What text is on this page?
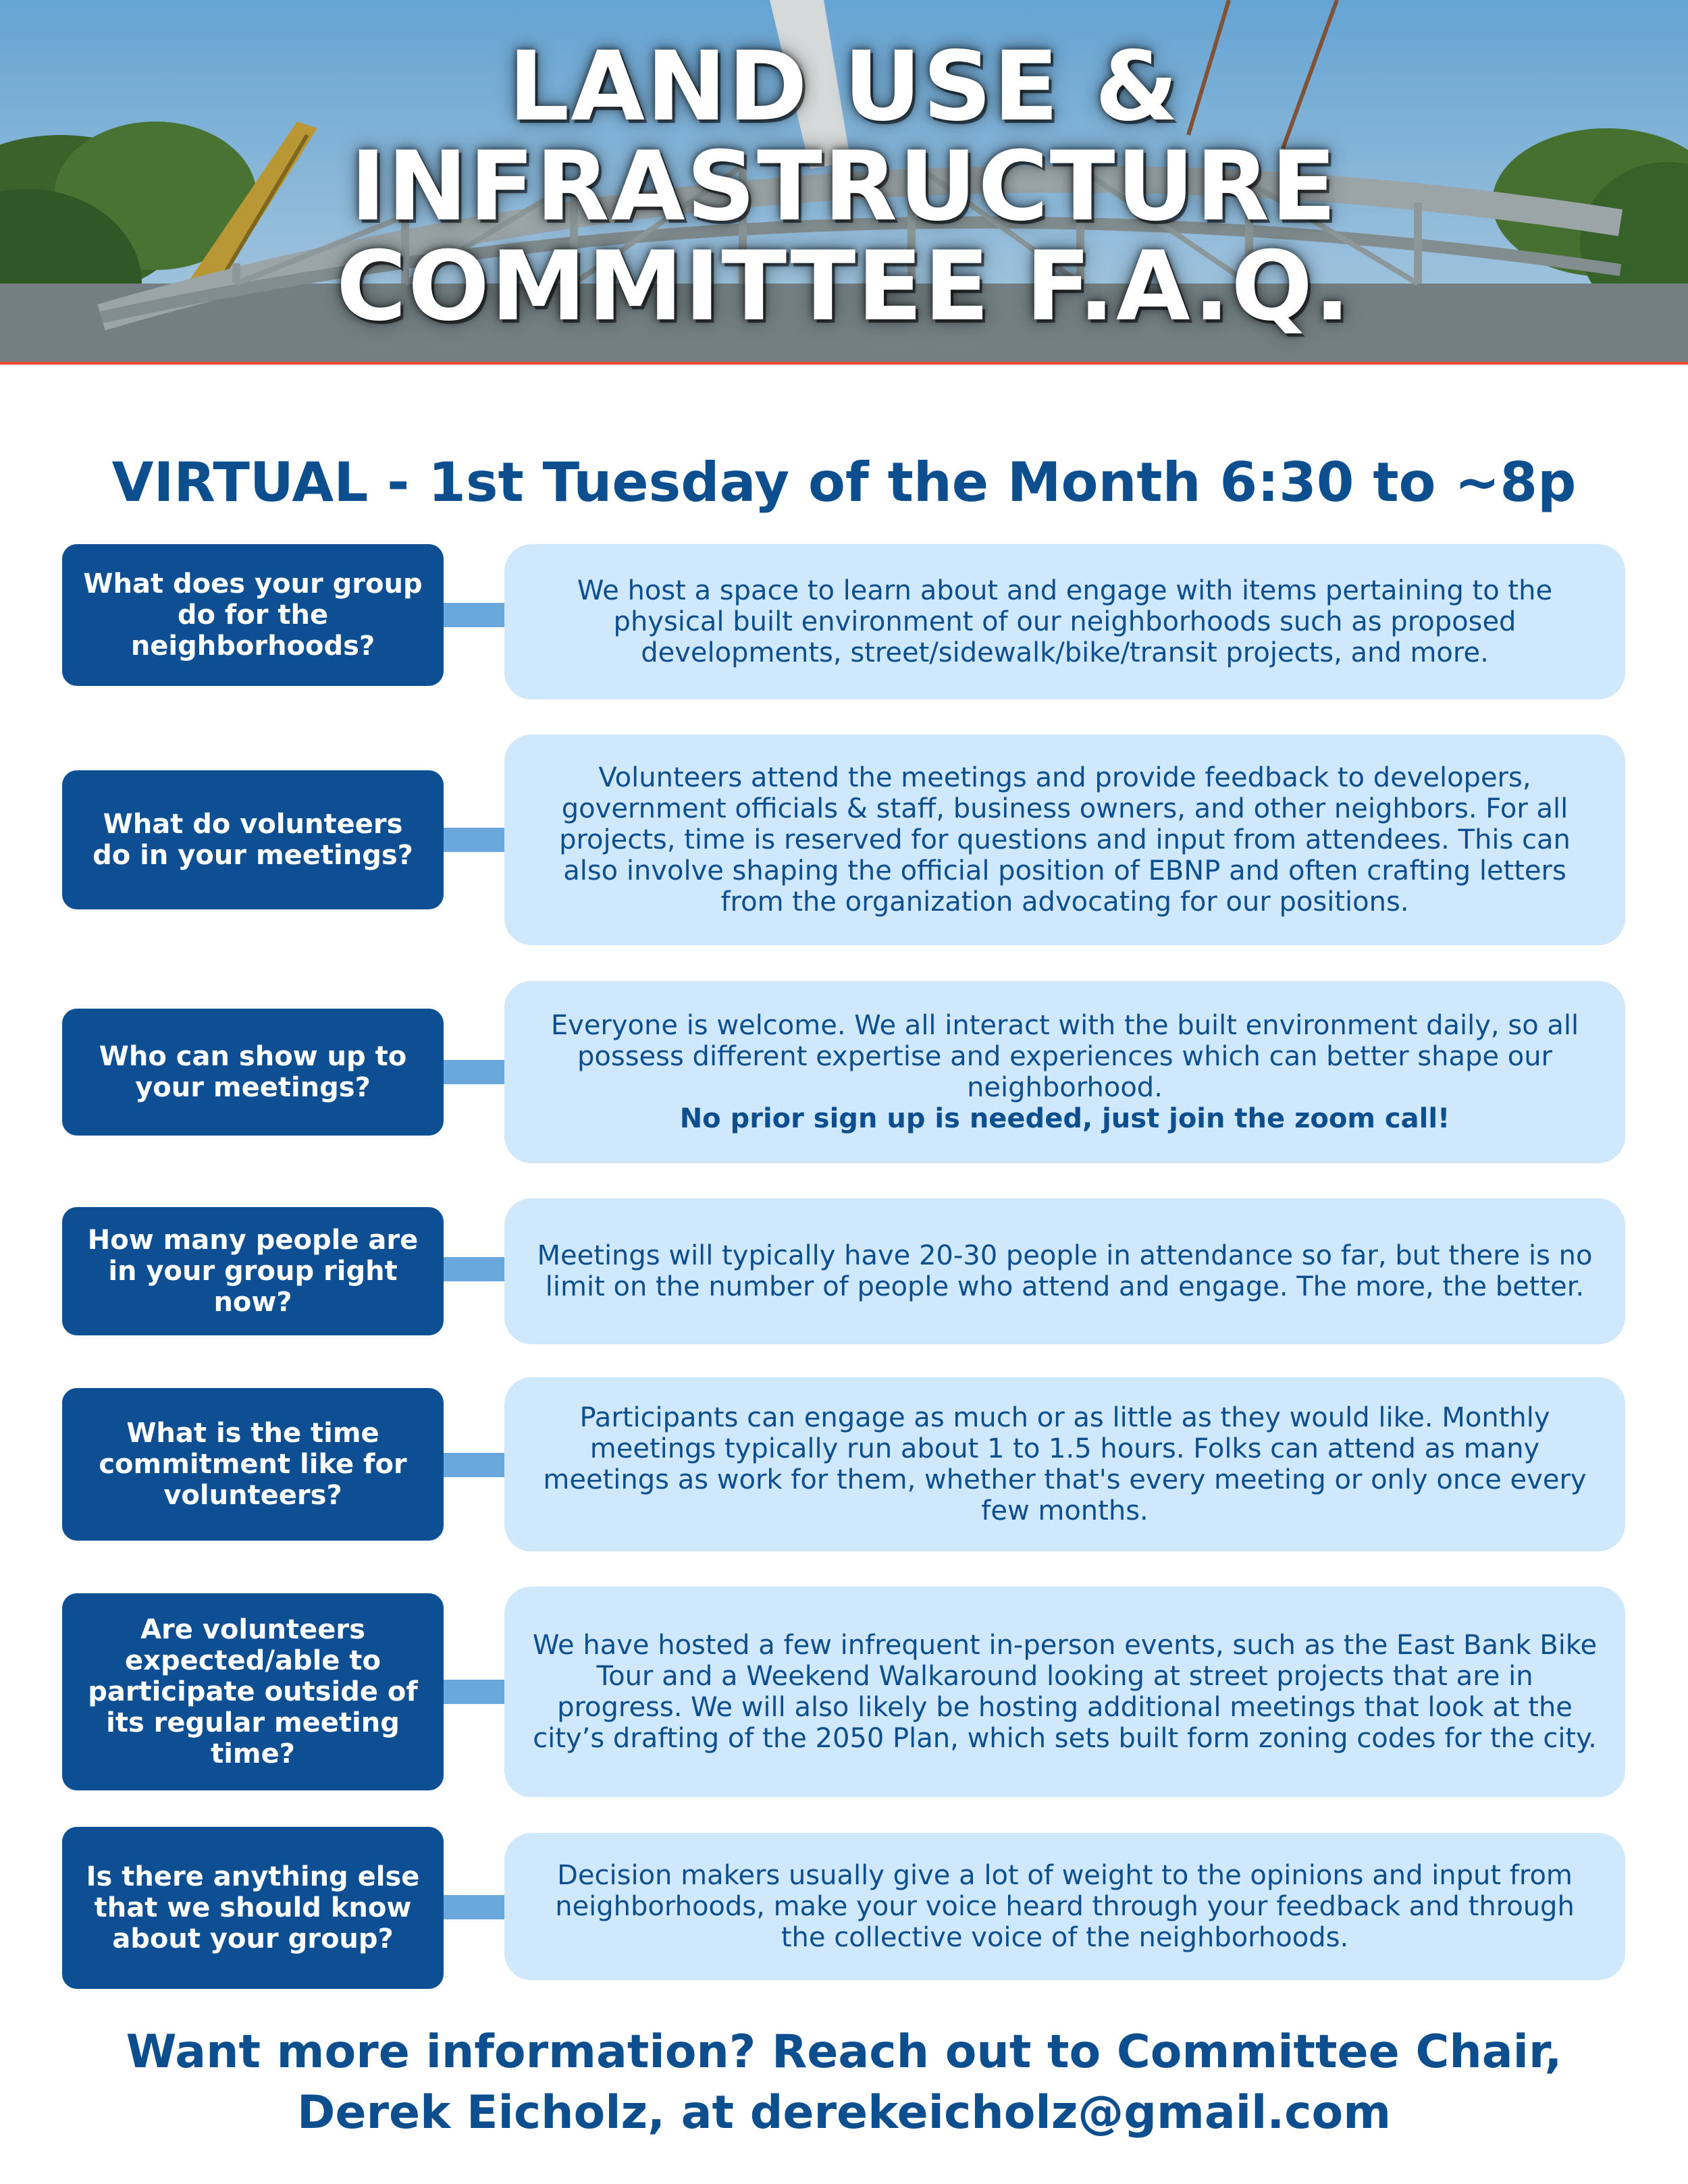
LAND USE &
INFRASTRUCTURE
COMMITTEE F.A.Q.
VIRTUAL - 1st Tuesday of the Month 6:30 to ~8p
What does your group do for the neighborhoods?
We host a space to learn about and engage with items pertaining to the physical built environment of our neighborhoods such as proposed developments, street/sidewalk/bike/transit projects, and more.
What do volunteers do in your meetings?
Volunteers attend the meetings and provide feedback to developers, government officials & staff, business owners, and other neighbors. For all projects, time is reserved for questions and input from attendees. This can also involve shaping the official position of EBNP and often crafting letters from the organization advocating for our positions.
Who can show up to your meetings?
Everyone is welcome. We all interact with the built environment daily, so all possess different expertise and experiences which can better shape our neighborhood.
No prior sign up is needed, just join the zoom call!
How many people are in your group right now?
Meetings will typically have 20-30 people in attendance so far, but there is no limit on the number of people who attend and engage. The more, the better.
What is the time commitment like for volunteers?
Participants can engage as much or as little as they would like. Monthly meetings typically run about 1 to 1.5 hours. Folks can attend as many meetings as work for them, whether that's every meeting or only once every few months.
Are volunteers expected/able to participate outside of its regular meeting time?
We have hosted a few infrequent in-person events, such as the East Bank Bike Tour and a Weekend Walkaround looking at street projects that are in progress. We will also likely be hosting additional meetings that look at the city’s drafting of the 2050 Plan, which sets built form zoning codes for the city.
Is there anything else that we should know about your group?
Decision makers usually give a lot of weight to the opinions and input from neighborhoods, make your voice heard through your feedback and through the collective voice of the neighborhoods.
Want more information? Reach out to Committee Chair,
Derek Eicholz, at derekeicholz@gmail.com
